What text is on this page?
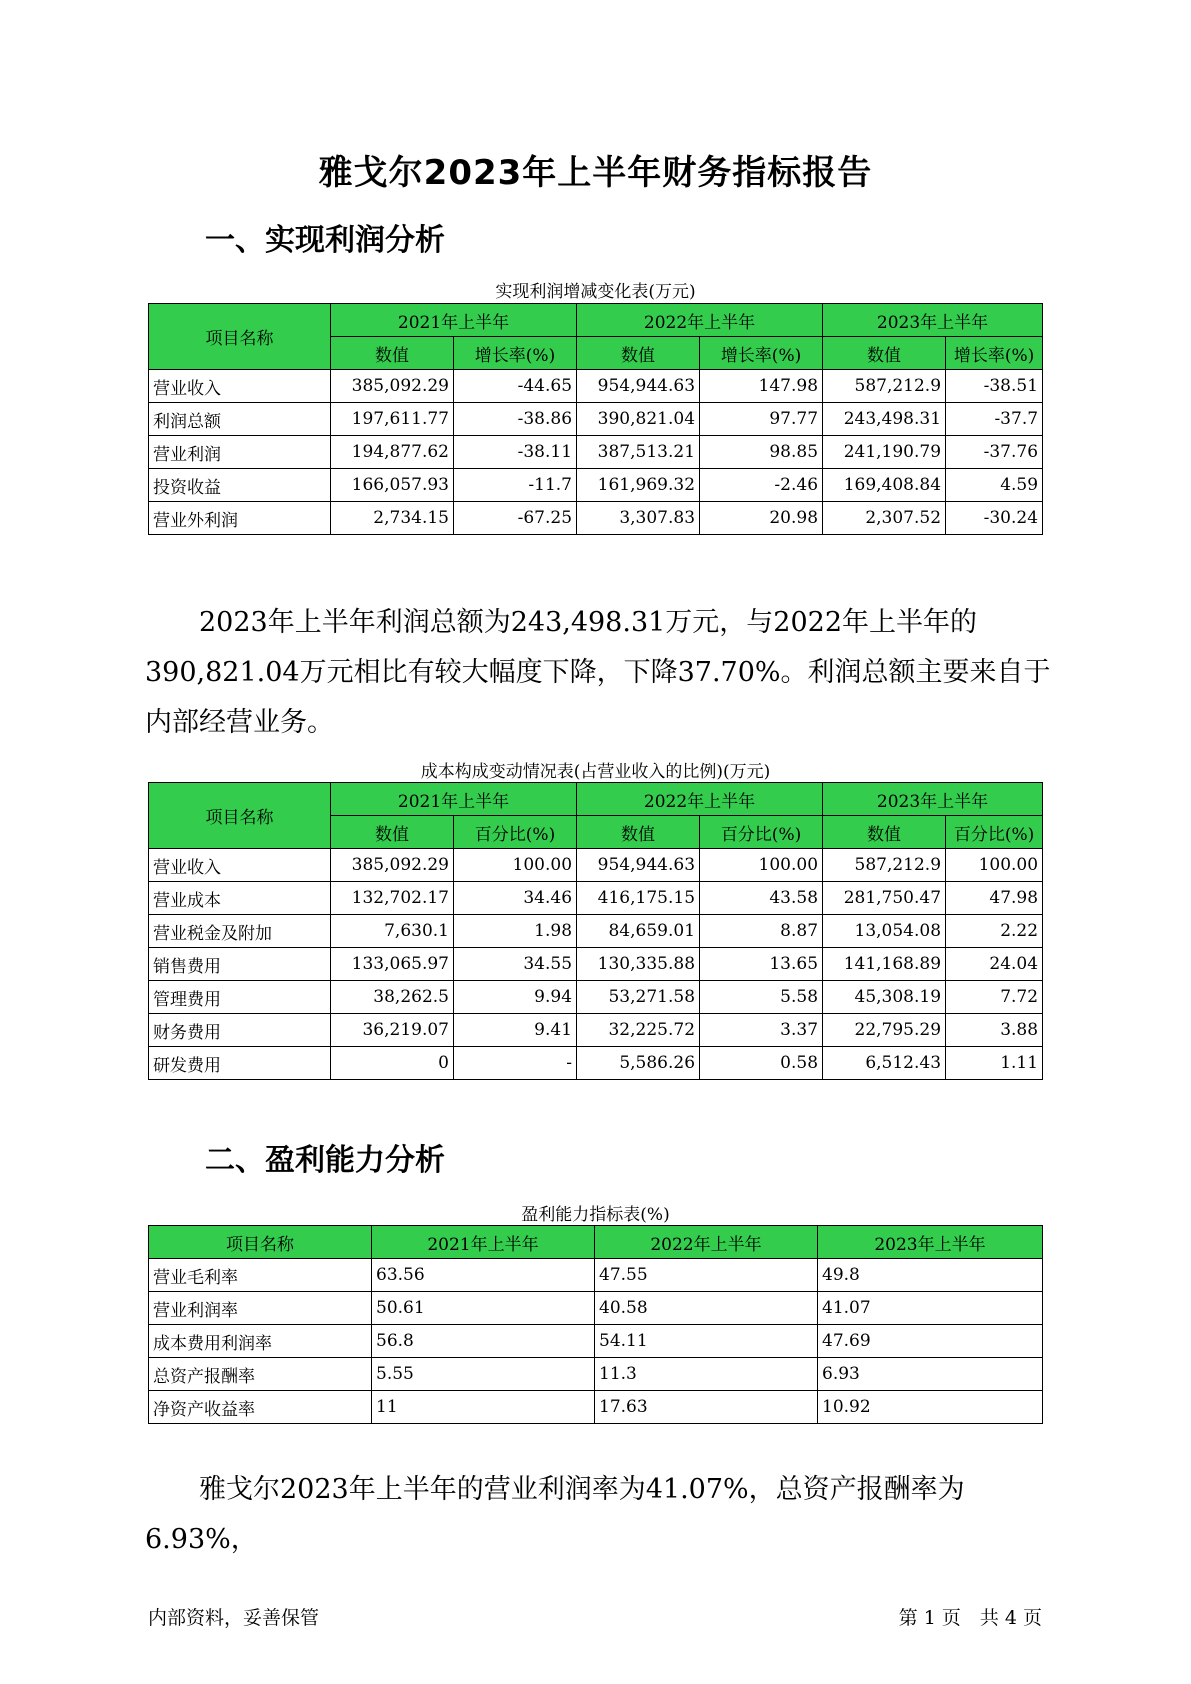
雅戈尔2023年上半年财务指标报告
一、实现利润分析
实现利润增减变化表(万元)
项目名称	2021年上半年		2022年上半年		2023年上半年	
	数值	增长率(%)	数值	增长率(%)	数值	增长率(%)
营业收入	385,092.29	-44.65	954,944.63	147.98	587,212.9	-38.51
利润总额	197,611.77	-38.86	390,821.04	97.77	243,498.31	-37.7
营业利润	194,877.62	-38.11	387,513.21	98.85	241,190.79	-37.76
投资收益	166,057.93	-11.7	161,969.32	-2.46	169,408.84	4.59
营业外利润	2,734.15	-67.25	3,307.83	20.98	2,307.52	-30.24

2023年上半年利润总额为243,498.31万元，与2022年上半年的390,821.04万元相比有较大幅度下降，下降37.70%。利润总额主要来自于内部经营业务。

成本构成变动情况表(占营业收入的比例)(万元)
项目名称	2021年上半年		2022年上半年		2023年上半年	
	数值	百分比(%)	数值	百分比(%)	数值	百分比(%)
营业收入	385,092.29	100.00	954,944.63	100.00	587,212.9	100.00
营业成本	132,702.17	34.46	416,175.15	43.58	281,750.47	47.98
营业税金及附加	7,630.1	1.98	84,659.01	8.87	13,054.08	2.22
销售费用	133,065.97	34.55	130,335.88	13.65	141,168.89	24.04
管理费用	38,262.5	9.94	53,271.58	5.58	45,308.19	7.72
财务费用	36,219.07	9.41	32,225.72	3.37	22,795.29	3.88
研发费用	0	-	5,586.26	0.58	6,512.43	1.11
二、盈利能力分析
盈利能力指标表(%)
项目名称	2021年上半年	2022年上半年	2023年上半年
营业毛利率	63.56	47.55	49.8
营业利润率	50.61	40.58	41.07
成本费用利润率	56.8	54.11	47.69
总资产报酬率	5.55	11.3	6.93
净资产收益率	11	17.63	10.92

雅戈尔2023年上半年的营业利润率为41.07%，总资产报酬率为6.93%，

内部资料，妥善保管	第 1 页　共 4 页
